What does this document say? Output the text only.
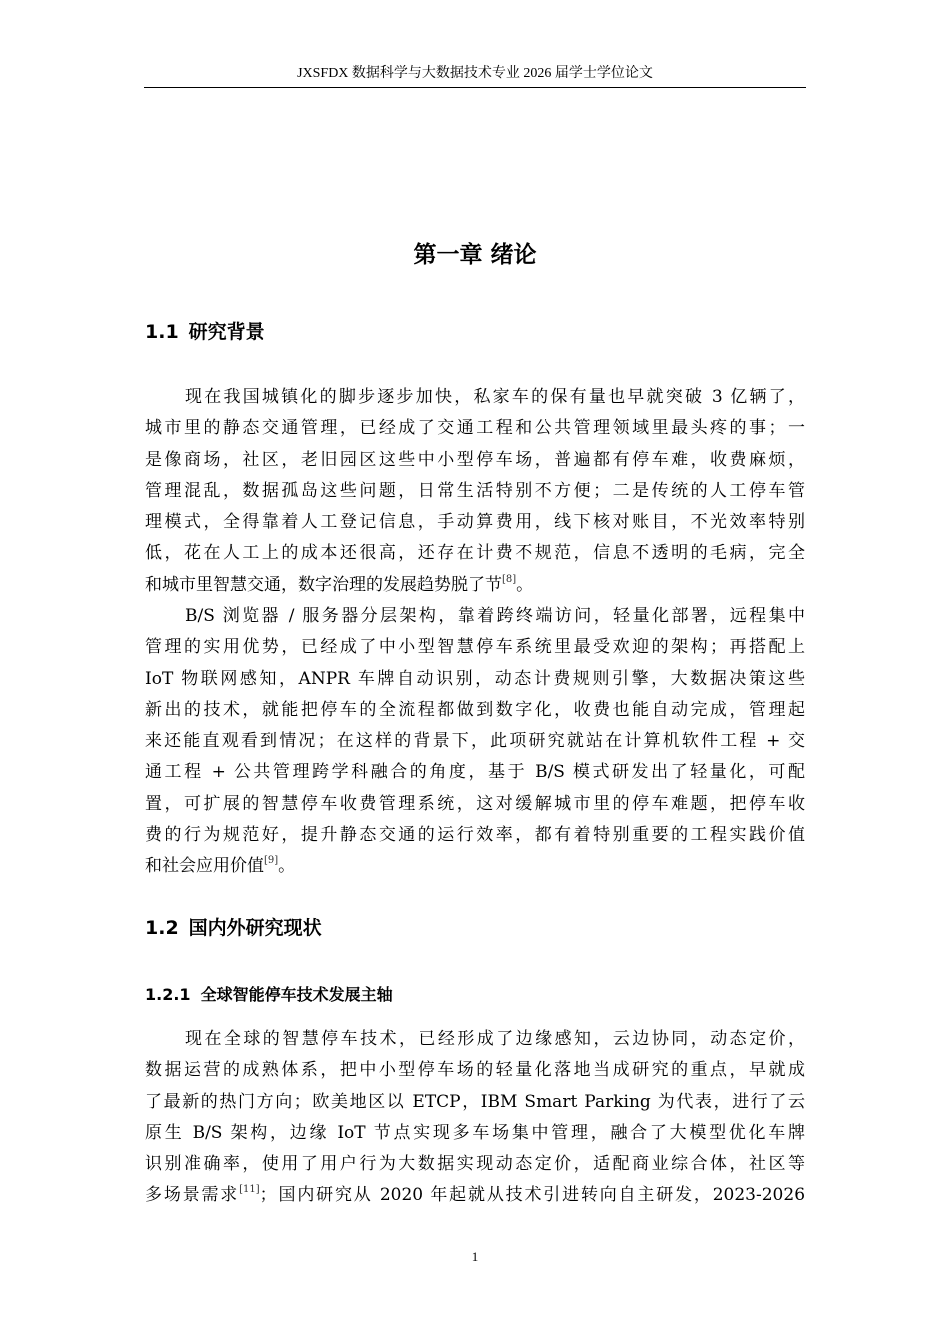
JXSFDX 数据科学与大数据技术专业 2026 届学士学位论文
第一章 绪论
1.1 研究背景
现在我国城镇化的脚步逐步加快，私家车的保有量也早就突破 3 亿辆了，
城市里的静态交通管理，已经成了交通工程和公共管理领域里最头疼的事；一
是像商场，社区，老旧园区这些中小型停车场，普遍都有停车难，收费麻烦，
管理混乱，数据孤岛这些问题，日常生活特别不方便；二是传统的人工停车管
理模式，全得靠着人工登记信息，手动算费用，线下核对账目，不光效率特别
低，花在人工上的成本还很高，还存在计费不规范，信息不透明的毛病，完全
和城市里智慧交通，数字治理的发展趋势脱了节[8]。
B/S 浏览器 / 服务器分层架构，靠着跨终端访问，轻量化部署，远程集中
管理的实用优势，已经成了中小型智慧停车系统里最受欢迎的架构；再搭配上
IoT 物联网感知，ANPR 车牌自动识别，动态计费规则引擎，大数据决策这些
新出的技术，就能把停车的全流程都做到数字化，收费也能自动完成，管理起
来还能直观看到情况；在这样的背景下，此项研究就站在计算机软件工程 + 交
通工程 + 公共管理跨学科融合的角度，基于 B/S 模式研发出了轻量化，可配
置，可扩展的智慧停车收费管理系统，这对缓解城市里的停车难题，把停车收
费的行为规范好，提升静态交通的运行效率，都有着特别重要的工程实践价值
和社会应用价值[9]。
1.2 国内外研究现状
1.2.1 全球智能停车技术发展主轴
现在全球的智慧停车技术，已经形成了边缘感知，云边协同，动态定价，
数据运营的成熟体系，把中小型停车场的轻量化落地当成研究的重点，早就成
了最新的热门方向；欧美地区以 ETCP，IBM Smart Parking 为代表，进行了云
原生 B/S 架构，边缘 IoT 节点实现多车场集中管理，融合了大模型优化车牌
识别准确率，使用了用户行为大数据实现动态定价，适配商业综合体，社区等
多场景需求[11]；国内研究从 2020 年起就从技术引进转向自主研发，2023-2026
1
